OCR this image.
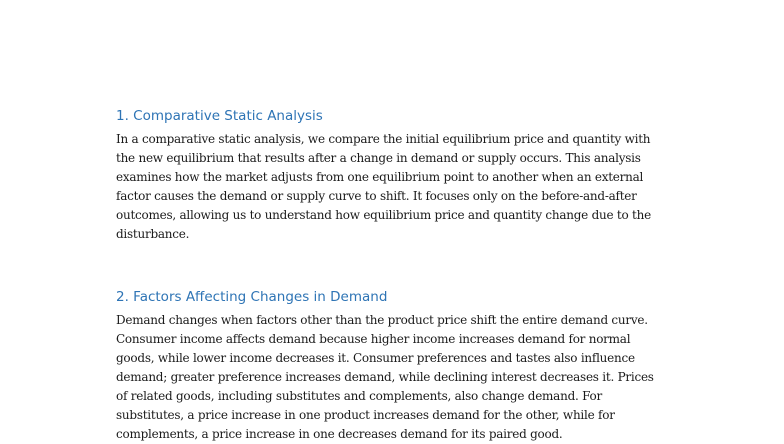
1. Comparative Static Analysis

In a comparative static analysis, we compare the initial equilibrium price and quantity with
the new equilibrium that results after a change in demand or supply occurs. This analysis
examines how the market adjusts from one equilibrium point to another when an external
factor causes the demand or supply curve to shift. It focuses only on the before-and-after
outcomes, allowing us to understand how equilibrium price and quantity change due to the
disturbance.

2. Factors Affecting Changes in Demand

Demand changes when factors other than the product price shift the entire demand curve.
Consumer income affects demand because higher income increases demand for normal
goods, while lower income decreases it. Consumer preferences and tastes also influence
demand; greater preference increases demand, while declining interest decreases it. Prices
of related goods, including substitutes and complements, also change demand. For
substitutes, a price increase in one product increases demand for the other, while for
complements, a price increase in one decreases demand for its paired good.
